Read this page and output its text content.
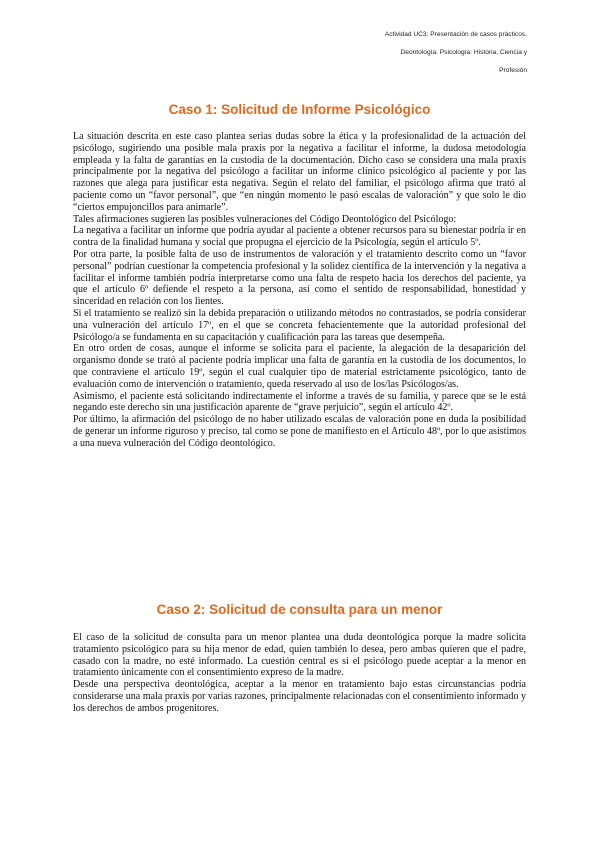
Actividad UC3: Presentación de casos prácticos.
Deontología. Psicología: Historia, Ciencia y
Profesión
Caso 1: Solicitud de Informe Psicológico

La situación descrita en este caso plantea serias dudas sobre la ética y la profesionalidad de la actuación del psicólogo, sugiriendo una posible mala praxis por la negativa a facilitar el informe, la dudosa metodología empleada y la falta de garantías en la custodia de la documentación. Dicho caso se considera una mala praxis principalmente por la negativa del psicólogo a facilitar un informe clínico psicológico al paciente y por las razones que alega para justificar esta negativa. Según el relato del familiar, el psicólogo afirma que trató al paciente como un “favor personal”, que “en ningún momento le pasó escalas de valoración” y que solo le dio “ciertos empujoncillos para animarle”.

Tales afirmaciones sugieren las posibles vulneraciones del Código Deontológico del Psicólogo:

La negativa a facilitar un informe que podría ayudar al paciente a obtener recursos para su bienestar podría ir en contra de la finalidad humana y social que propugna el ejercicio de la Psicología, según el artículo 5º.

Por otra parte, la posible falta de uso de instrumentos de valoración y el tratamiento descrito como un “favor personal” podrían cuestionar la competencia profesional y la solidez científica de la intervención y la negativa a facilitar el informe también podría interpretarse como una falta de respeto hacia los derechos del paciente, ya que el artículo 6º defiende el respeto a la persona, así como el sentido de responsabilidad, honestidad y sinceridad en relación con los lientes.

Si el tratamiento se realizó sin la debida preparación o utilizando métodos no contrastados, se podría considerar una vulneración del artículo 17º, en el que se concreta fehacientemente que la autoridad profesional del Psicólogo/a se fundamenta en su capacitación y cualificación para las tareas que desempeña.

En otro orden de cosas, aunque el informe se solicita para el paciente, la alegación de la desaparición del organismo donde se trató al paciente podría implicar una falta de garantía en la custodia de los documentos, lo que contraviene el artículo 19º, según el cual cualquier tipo de material estrictamente psicológico, tanto de evaluación como de intervención o tratamiento, queda reservado al uso de los/las Psicólogos/as.

Asimismo, el paciente está solicitando indirectamente el informe a través de su familia, y parece que se le está negando este derecho sin una justificación aparente de “grave perjuicio”, según el artículo 42º.

Por último, la afirmación del psicólogo de no haber utilizado escalas de valoración pone en duda la posibilidad de generar un informe riguroso y preciso, tal como se pone de manifiesto en el Artículo 48º, por lo que asistimos a una nueva vulneración del Código deontológico.

Caso 2: Solicitud de consulta para un menor

El caso de la solicitud de consulta para un menor plantea una duda deontológica porque la madre solicita tratamiento psicológico para su hija menor de edad, quien también lo desea, pero ambas quieren que el padre, casado con la madre, no esté informado. La cuestión central es si el psicólogo puede aceptar a la menor en tratamiento únicamente con el consentimiento expreso de la madre.

Desde una perspectiva deontológica, aceptar a la menor en tratamiento bajo estas circunstancias podría considerarse una mala praxis por varias razones, principalmente relacionadas con el consentimiento informado y los derechos de ambos progenitores.
